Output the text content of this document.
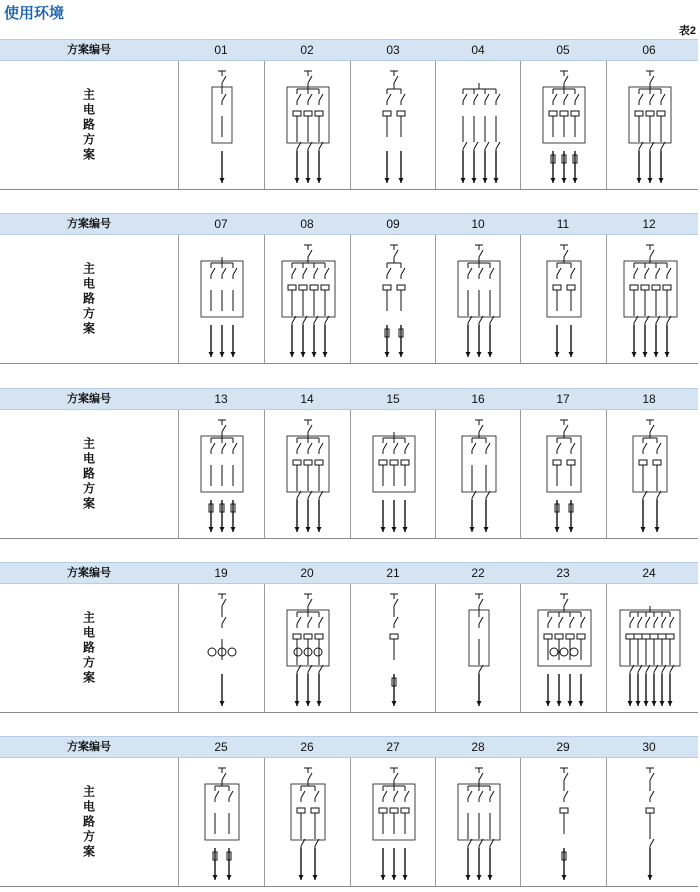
使用环境
表2
方案编号	01	02	03	04	05	06
主电路方案
方案编号	07	08	09	10	11	12
主电路方案
方案编号	13	14	15	16	17	18
主电路方案
方案编号	19	20	21	22	23	24
主电路方案
方案编号	25	26	27	28	29	30
主电路方案
